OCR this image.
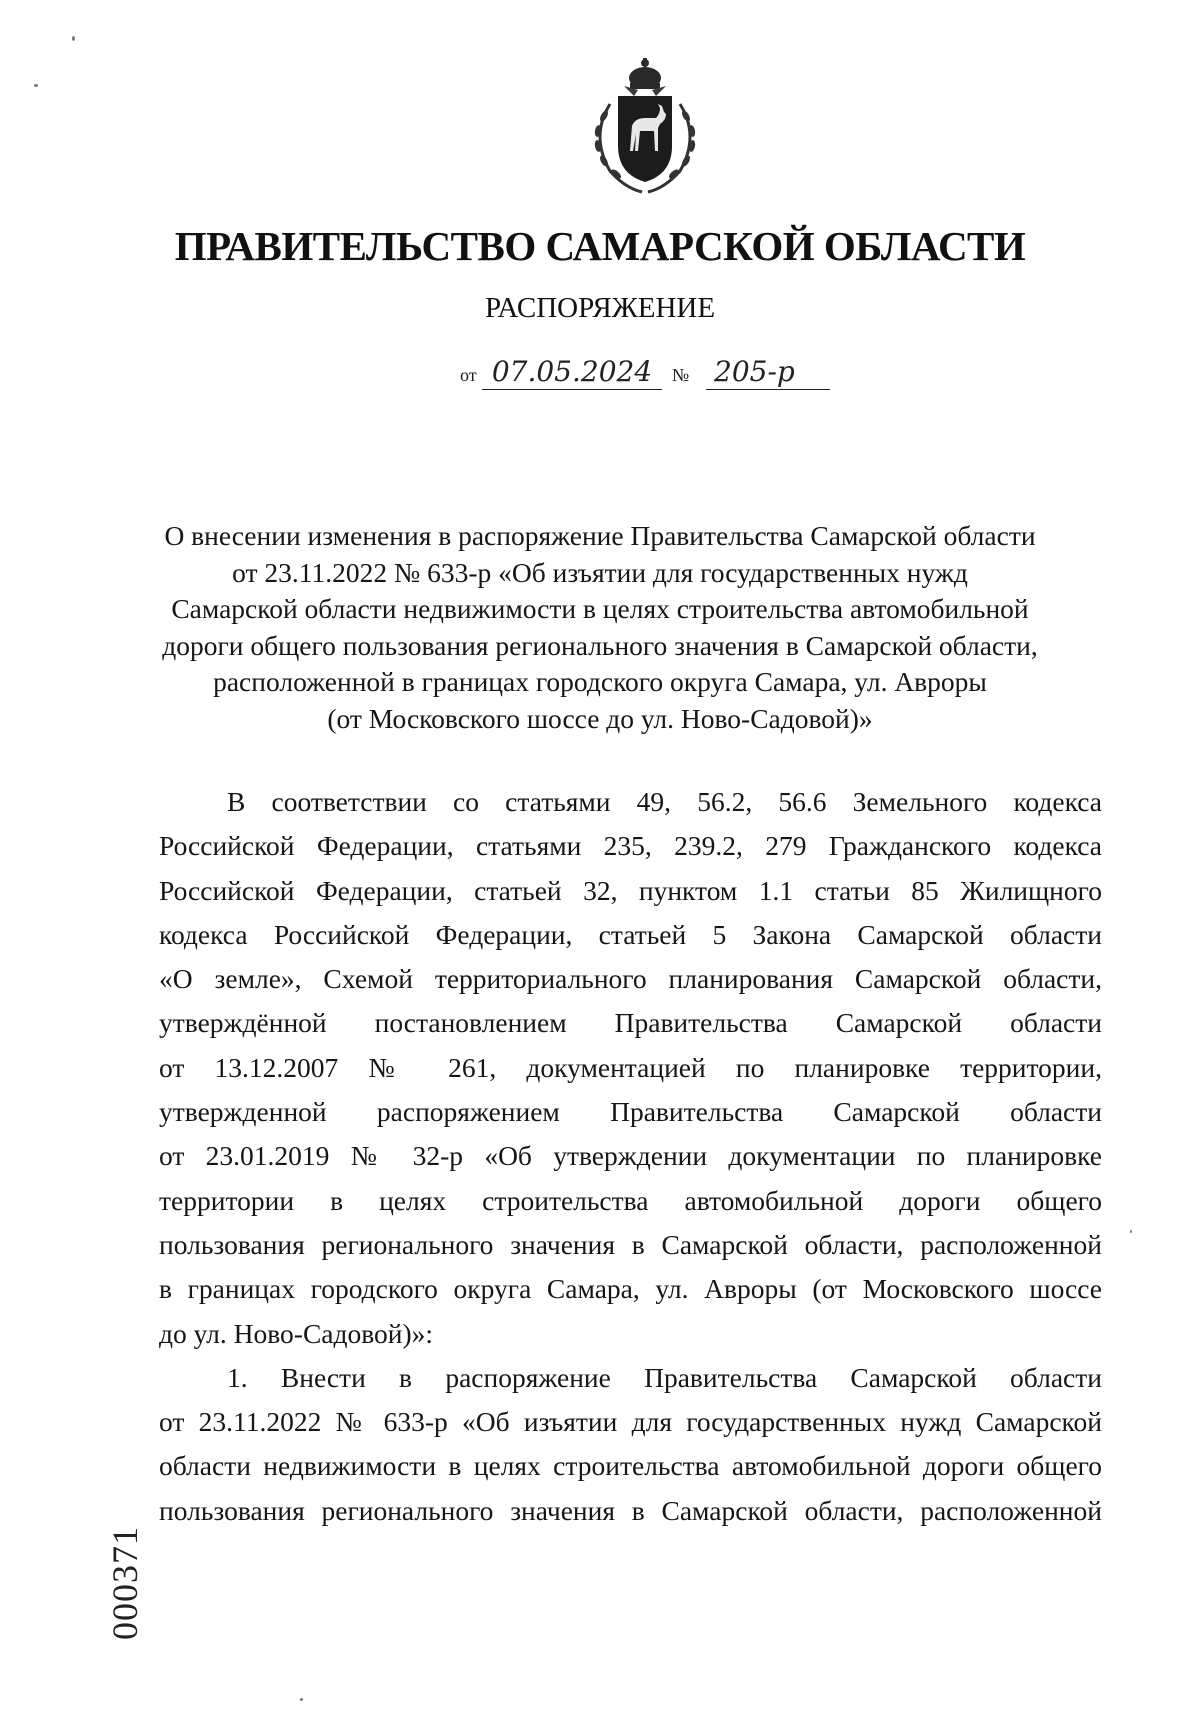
ПРАВИТЕЛЬСТВО САМАРСКОЙ ОБЛАСТИ
РАСПОРЯЖЕНИЕ
от 07.05.2024	№ 205-р
О внесении изменения в распоряжение Правительства Самарской области
от 23.11.2022 № 633-р «Об изъятии для государственных нужд
Самарской области недвижимости в целях строительства автомобильной
дороги общего пользования регионального значения в Самарской области,
расположенной в границах городского округа Самара, ул. Авроры
(от Московского шоссе до ул. Ново-Садовой)»
В соответствии со статьями 49, 56.2, 56.6 Земельного кодекса
Российской Федерации, статьями 235, 239.2, 279 Гражданского кодекса
Российской Федерации, статьей 32, пунктом 1.1 статьи 85 Жилищного
кодекса Российской Федерации, статьей 5 Закона Самарской области
«О земле», Схемой территориального планирования Самарской области,
утверждённой постановлением Правительства Самарской области
от 13.12.2007 № 261, документацией по планировке территории,
утвержденной распоряжением Правительства Самарской области
от 23.01.2019 № 32-р «Об утверждении документации по планировке
территории в целях строительства автомобильной дороги общего
пользования регионального значения в Самарской области, расположенной
в границах городского округа Самара, ул. Авроры (от Московского шоссе
до ул. Ново-Садовой)»:
1. Внести в распоряжение Правительства Самарской области
от 23.11.2022 № 633-р «Об изъятии для государственных нужд Самарской
области недвижимости в целях строительства автомобильной дороги общего
пользования регионального значения в Самарской области, расположенной
000371
